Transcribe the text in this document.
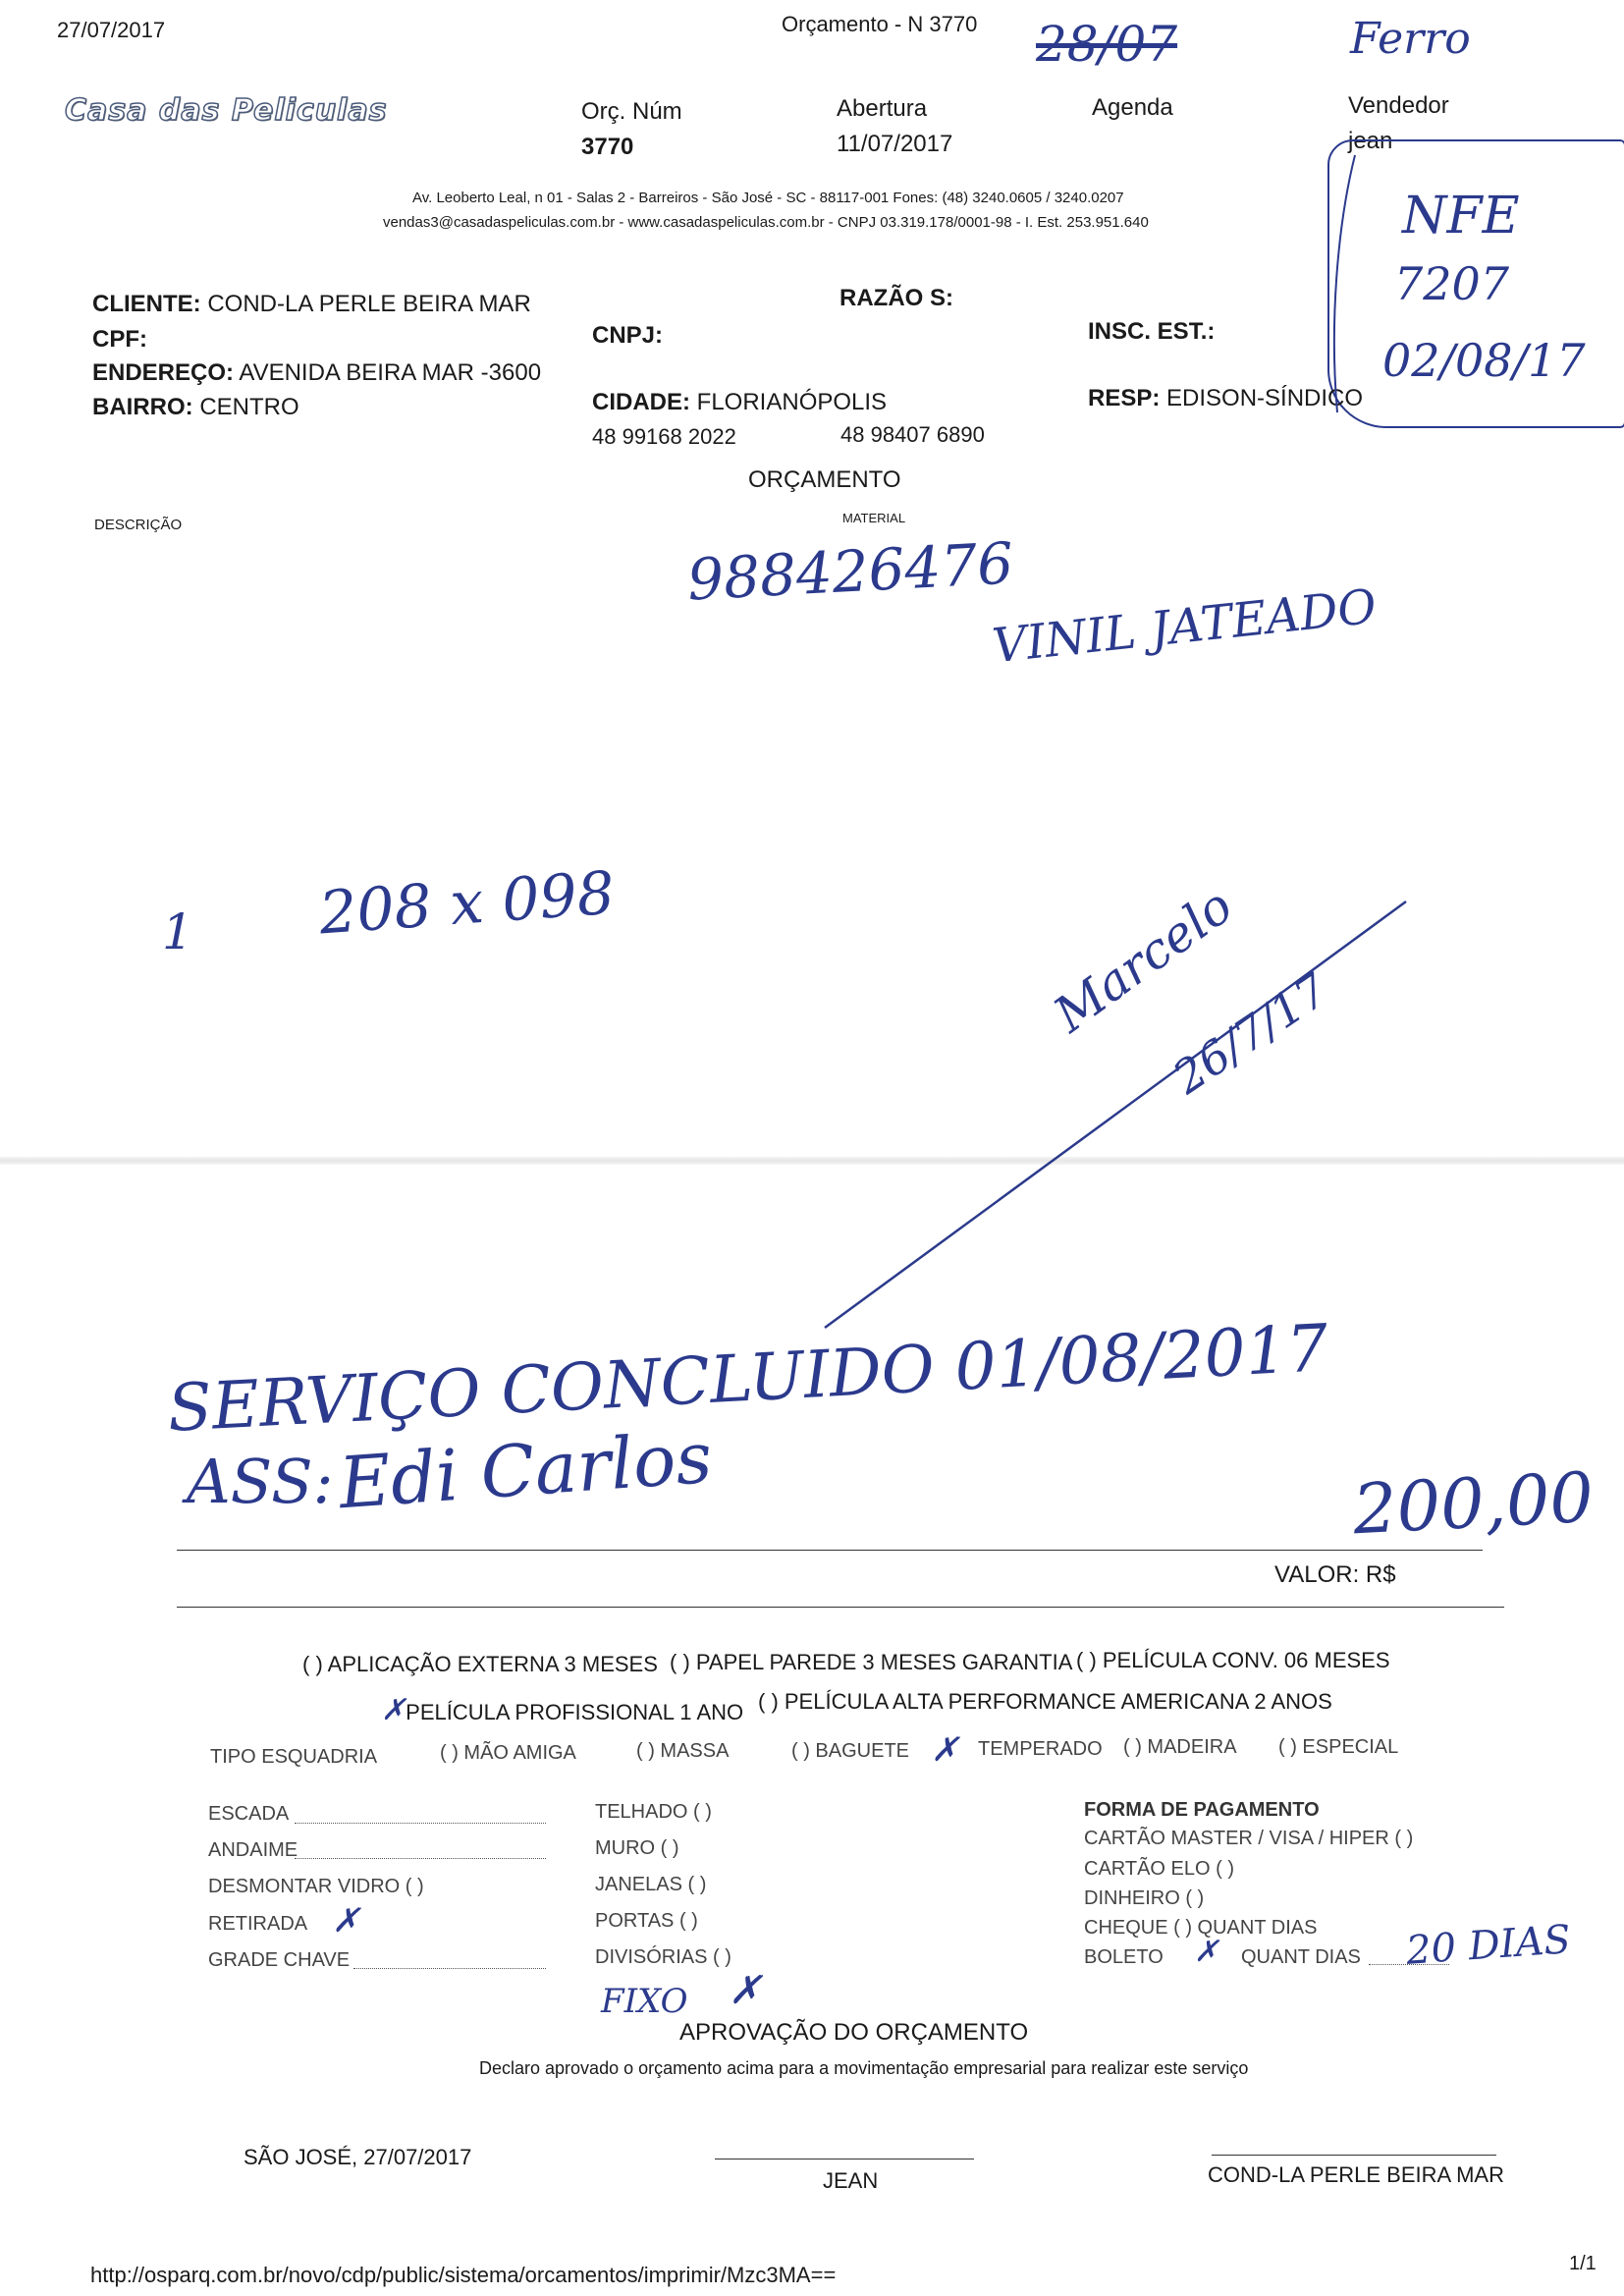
27/07/2017	Orçamento - N 3770 28/07	Ferro
Casa das Peliculas	Orç. Núm
3770
Abertura
11/07/2017
Agenda	Vendedor
jean
Av. Leoberto Leal, n 01 - Salas 2 - Barreiros - São José - SC - 88117-001 Fones: (48) 3240.0605 / 3240.0207
vendas3@casadaspeliculas.com.br - www.casadaspeliculas.com.br - CNPJ 03.319.178/0001-98 - I. Est. 253.951.640	NFE
7207
02/08/17
CLIENTE: COND-LA PERLE BEIRA MAR	RAZÃO S:
CPF:	CNPJ:	INSC. EST.:
ENDEREÇO: AVENIDA BEIRA MAR -3600
BAIRRO: CENTRO	CIDADE: FLORIANÓPOLIS	RESP: EDISON-SÍNDICO
48 99168 2022	48 98407 6890
ORÇAMENTO
DESCRIÇÃO	MATERIAL
988426476
VINIL JATEADO
1 208 x 098	Marcelo
26/7/17
SERVIÇO CONCLUIDO 01/08/2017
ASS: Edi Carlos	200,00
VALOR: R$
( ) APLICAÇÃO EXTERNA 3 MESES ( ) PAPEL PAREDE 3 MESES GARANTIA ( ) PELÍCULA CONV. 06 MESES
✗PELÍCULA PROFISSIONAL 1 ANO ( ) PELÍCULA ALTA PERFORMANCE AMERICANA 2 ANOS
TIPO ESQUADRIA	( ) MÃO AMIGA	( ) MASSA	( ) BAGUETE ✗ TEMPERADO ( ) MADEIRA ( ) ESPECIAL
ESCADA
ANDAIME
DESMONTAR VIDRO ( )
RETIRADA ✗
GRADE CHAVE
TELHADO ( )
MURO ( )
JANELAS ( )
PORTAS ( )
DIVISÓRIAS ( )
FIXO ✗
FORMA DE PAGAMENTO
CARTÃO MASTER / VISA / HIPER ( )
CARTÃO ELO ( )
DINHEIRO ( )
CHEQUE ( ) QUANT DIAS
BOLETO ✗ QUANT DIAS 20 DIAS
APROVAÇÃO DO ORÇAMENTO
Declaro aprovado o orçamento acima para a movimentação empresarial para realizar este serviço
SÃO JOSÉ, 27/07/2017
JEAN	COND-LA PERLE BEIRA MAR
http://osparq.com.br/novo/cdp/public/sistema/orcamentos/imprimir/Mzc3MA==	1/1
